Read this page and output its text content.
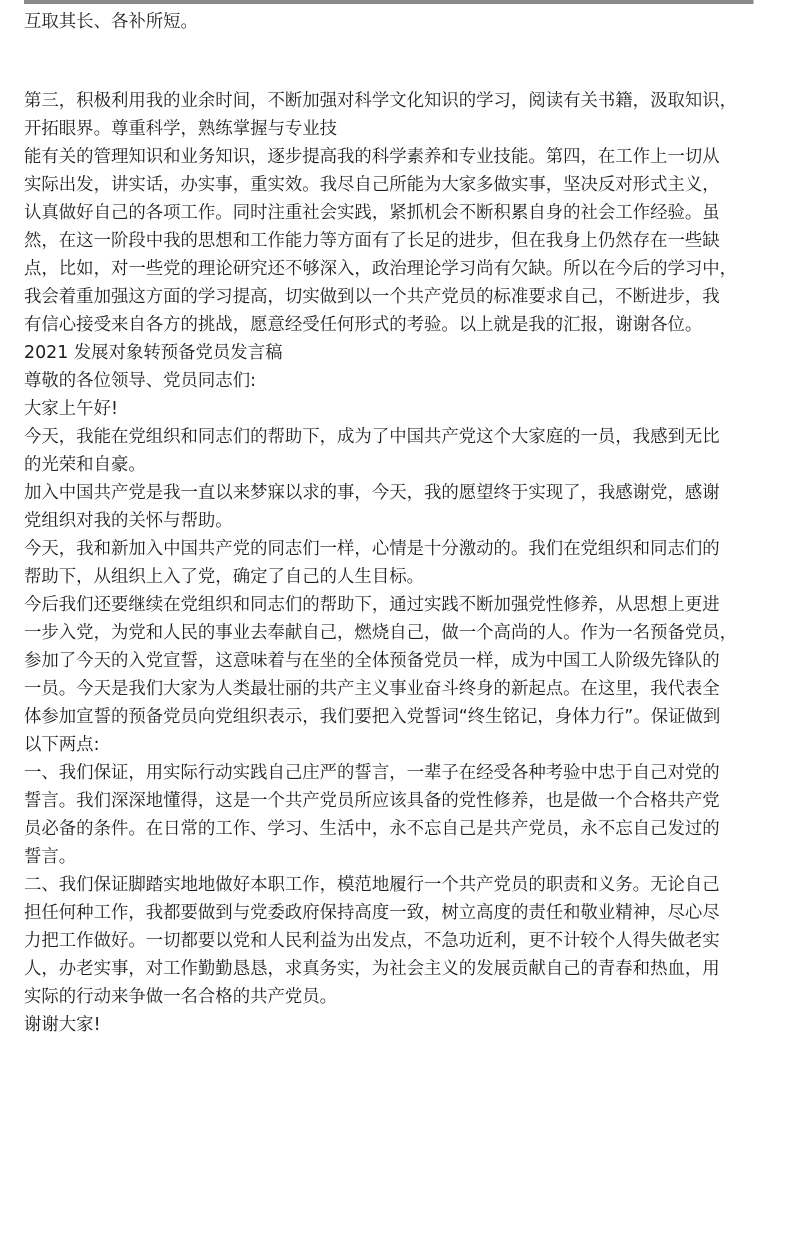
互取其长、各补所短。
第三，积极利用我的业余时间，不断加强对科学文化知识的学习，阅读有关书籍，汲取知识，
开拓眼界。尊重科学，熟练掌握与专业技
能有关的管理知识和业务知识，逐步提高我的科学素养和专业技能。第四，在工作上一切从
实际出发，讲实话，办实事，重实效。我尽自己所能为大家多做实事，坚决反对形式主义，
认真做好自己的各项工作。同时注重社会实践，紧抓机会不断积累自身的社会工作经验。虽
然，在这一阶段中我的思想和工作能力等方面有了长足的进步，但在我身上仍然存在一些缺
点，比如，对一些党的理论研究还不够深入，政治理论学习尚有欠缺。所以在今后的学习中，
我会着重加强这方面的学习提高，切实做到以一个共产党员的标准要求自己，不断进步，我
有信心接受来自各方的挑战，愿意经受任何形式的考验。以上就是我的汇报，谢谢各位。
2021 发展对象转预备党员发言稿
尊敬的各位领导、党员同志们:
大家上午好!
今天，我能在党组织和同志们的帮助下，成为了中国共产党这个大家庭的一员，我感到无比
的光荣和自豪。
加入中国共产党是我一直以来梦寐以求的事，今天，我的愿望终于实现了，我感谢党，感谢
党组织对我的关怀与帮助。
今天，我和新加入中国共产党的同志们一样，心情是十分激动的。我们在党组织和同志们的
帮助下，从组织上入了党，确定了自己的人生目标。
今后我们还要继续在党组织和同志们的帮助下，通过实践不断加强党性修养，从思想上更进
一步入党，为党和人民的事业去奉献自己，燃烧自己，做一个高尚的人。作为一名预备党员，
参加了今天的入党宣誓，这意味着与在坐的全体预备党员一样，成为中国工人阶级先锋队的
一员。今天是我们大家为人类最壮丽的共产主义事业奋斗终身的新起点。在这里，我代表全
体参加宣誓的预备党员向党组织表示，我们要把入党誓词“终生铭记，身体力行”。保证做到
以下两点:
一、我们保证，用实际行动实践自己庄严的誓言，一辈子在经受各种考验中忠于自己对党的
誓言。我们深深地懂得，这是一个共产党员所应该具备的党性修养，也是做一个合格共产党
员必备的条件。在日常的工作、学习、生活中，永不忘自己是共产党员，永不忘自己发过的
誓言。
二、我们保证脚踏实地地做好本职工作，模范地履行一个共产党员的职责和义务。无论自己
担任何种工作，我都要做到与党委政府保持高度一致，树立高度的责任和敬业精神，尽心尽
力把工作做好。一切都要以党和人民利益为出发点，不急功近利，更不计较个人得失做老实
人，办老实事，对工作勤勤恳恳，求真务实，为社会主义的发展贡献自己的青春和热血，用
实际的行动来争做一名合格的共产党员。
谢谢大家!
